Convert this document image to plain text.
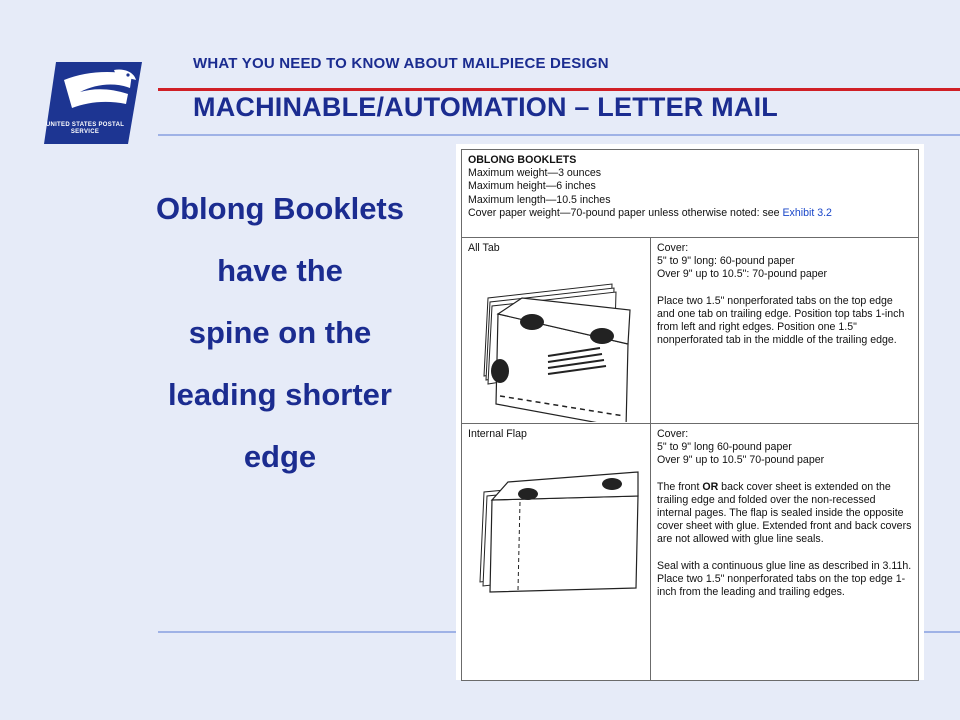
UNITED STATES POSTAL SERVICE
WHAT YOU NEED TO KNOW ABOUT MAILPIECE DESIGN
MACHINABLE/AUTOMATION – LETTER MAIL
Oblong Booklets
have the
spine on the
leading shorter
edge
OBLONG BOOKLETS
Maximum weight—3 ounces
Maximum height—6 inches
Maximum length—10.5 inches
Cover paper weight—70-pound paper unless otherwise noted: see Exhibit 3.2
All Tab	Cover:

5" to 9" long: 60-pound paper

Over 9" up to 10.5": 70-pound paper

Place two 1.5" nonperforated tabs on the top edge and one tab on trailing edge. Position top tabs 1-inch from left and right edges. Position one 1.5" nonperforated tab in the middle of the trailing edge.

Internal Flap	Cover:

5" to 9" long 60-pound paper

Over 9" up to 10.5" 70-pound paper

The front OR back cover sheet is extended on the trailing edge and folded over the non-recessed internal pages. The flap is sealed inside the opposite cover sheet with glue. Extended front and back covers are not allowed with glue line seals.

Seal with a continuous glue line as described in 3.11h. Place two 1.5" nonperforated tabs on the top edge 1-inch from the leading and trailing edges.
